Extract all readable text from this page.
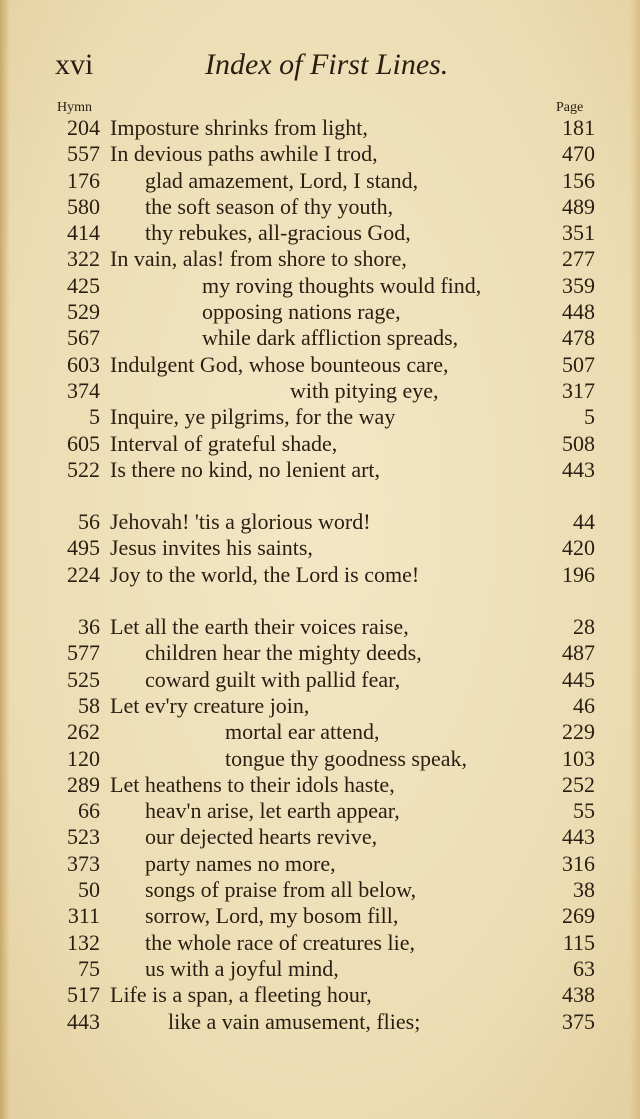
xvi	Index of First Lines.
Hymn	Page
204 Imposture shrinks from light,	181
557 In devious paths awhile I trod,	470
176 glad amazement, Lord, I stand,	156
580 the soft season of thy youth,	489
414 thy rebukes, all-gracious God,	351
322 In vain, alas! from shore to shore,	277
425	my roving thoughts would find,	359
529	opposing nations rage,	448
567	while dark affliction spreads,	478
603 Indulgent God, whose bounteous care,	507
374	with pitying eye,	317
5 Inquire, ye pilgrims, for the way	5
605 Interval of grateful shade,	508
522 Is there no kind, no lenient art,	443
56 Jehovah! 'tis a glorious word!	44
495 Jesus invites his saints,	420
224 Joy to the world, the Lord is come!	196
36 Let all the earth their voices raise,	28
577 children hear the mighty deeds,	487
525 coward guilt with pallid fear,	445
58 Let ev'ry creature join,	46
262	mortal ear attend,	229
120	tongue thy goodness speak,	103
289 Let heathens to their idols haste,	252
66 heav'n arise, let earth appear,	55
523 our dejected hearts revive,	443
373 party names no more,	316
50 songs of praise from all below,	38
311 sorrow, Lord, my bosom fill,	269
132 the whole race of creatures lie,	115
75 us with a joyful mind,	63
517 Life is a span, a fleeting hour,	438
443	like a vain amusement, flies;	375
